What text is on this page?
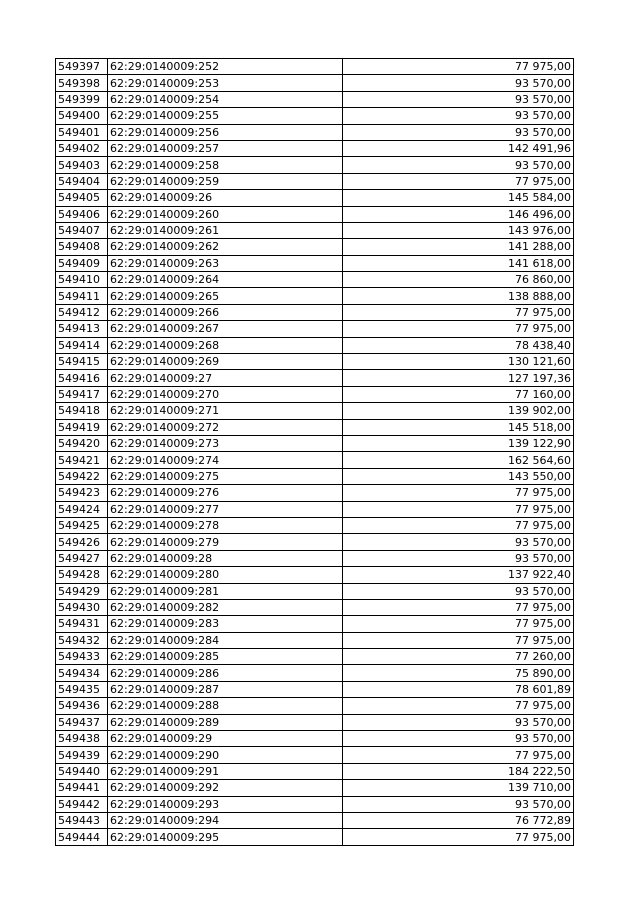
549397	62:29:0140009:252	77 975,00
549398	62:29:0140009:253	93 570,00
549399	62:29:0140009:254	93 570,00
549400	62:29:0140009:255	93 570,00
549401	62:29:0140009:256	93 570,00
549402	62:29:0140009:257	142 491,96
549403	62:29:0140009:258	93 570,00
549404	62:29:0140009:259	77 975,00
549405	62:29:0140009:26	145 584,00
549406	62:29:0140009:260	146 496,00
549407	62:29:0140009:261	143 976,00
549408	62:29:0140009:262	141 288,00
549409	62:29:0140009:263	141 618,00
549410	62:29:0140009:264	76 860,00
549411	62:29:0140009:265	138 888,00
549412	62:29:0140009:266	77 975,00
549413	62:29:0140009:267	77 975,00
549414	62:29:0140009:268	78 438,40
549415	62:29:0140009:269	130 121,60
549416	62:29:0140009:27	127 197,36
549417	62:29:0140009:270	77 160,00
549418	62:29:0140009:271	139 902,00
549419	62:29:0140009:272	145 518,00
549420	62:29:0140009:273	139 122,90
549421	62:29:0140009:274	162 564,60
549422	62:29:0140009:275	143 550,00
549423	62:29:0140009:276	77 975,00
549424	62:29:0140009:277	77 975,00
549425	62:29:0140009:278	77 975,00
549426	62:29:0140009:279	93 570,00
549427	62:29:0140009:28	93 570,00
549428	62:29:0140009:280	137 922,40
549429	62:29:0140009:281	93 570,00
549430	62:29:0140009:282	77 975,00
549431	62:29:0140009:283	77 975,00
549432	62:29:0140009:284	77 975,00
549433	62:29:0140009:285	77 260,00
549434	62:29:0140009:286	75 890,00
549435	62:29:0140009:287	78 601,89
549436	62:29:0140009:288	77 975,00
549437	62:29:0140009:289	93 570,00
549438	62:29:0140009:29	93 570,00
549439	62:29:0140009:290	77 975,00
549440	62:29:0140009:291	184 222,50
549441	62:29:0140009:292	139 710,00
549442	62:29:0140009:293	93 570,00
549443	62:29:0140009:294	76 772,89
549444	62:29:0140009:295	77 975,00
